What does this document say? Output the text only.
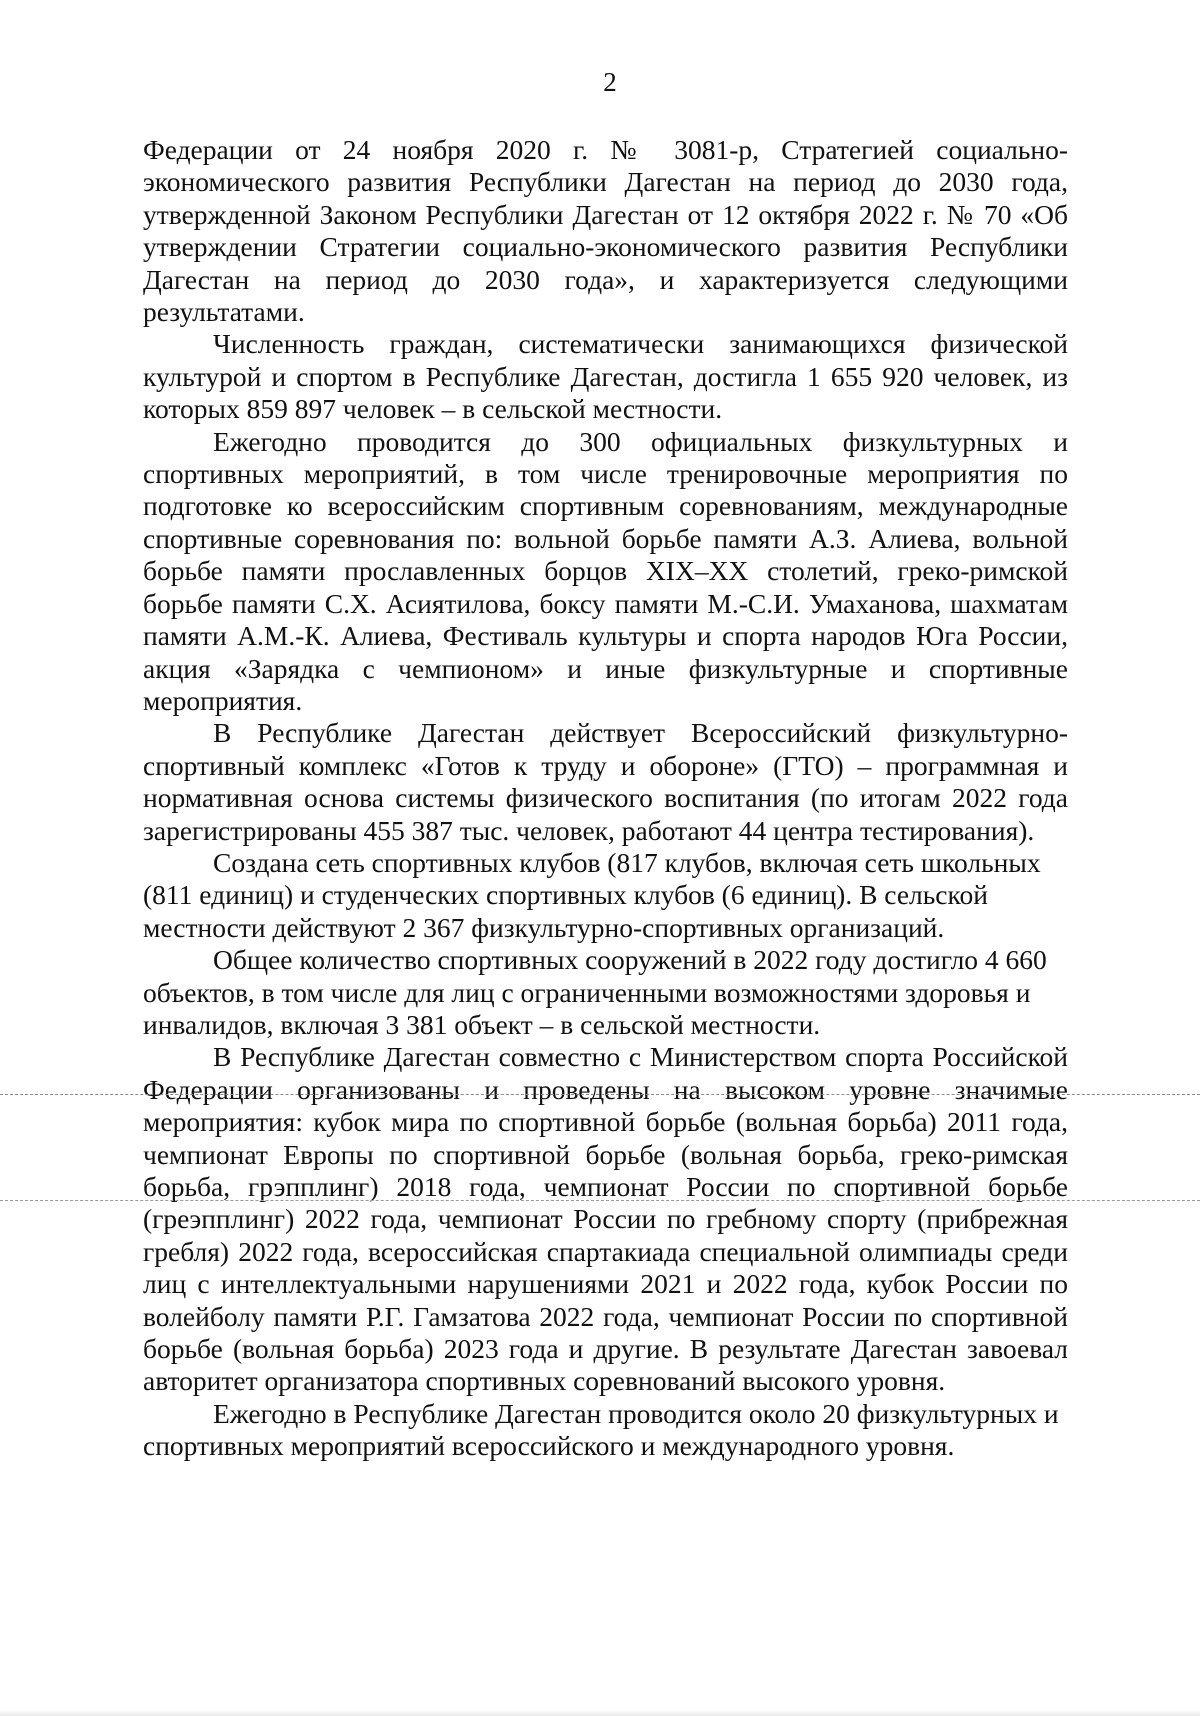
2

Федерации от 24 ноября 2020 г. № 3081-р, Стратегией социально-экономического развития Республики Дагестан на период до 2030 года, утвержденной Законом Республики Дагестан от 12 октября 2022 г. № 70 «Об утверждении Стратегии социально-экономического развития Республики Дагестан на период до 2030 года», и характеризуется следующими результатами.

Численность граждан, систематически занимающихся физической культурой и спортом в Республике Дагестан, достигла 1 655 920 человек, из которых 859 897 человек – в сельской местности.

Ежегодно проводится до 300 официальных физкультурных и спортивных мероприятий, в том числе тренировочные мероприятия по подготовке ко всероссийским спортивным соревнованиям, международные спортивные соревнования по: вольной борьбе памяти А.З. Алиева, вольной борьбе памяти прославленных борцов XIX–XX столетий, греко-римской борьбе памяти С.Х. Асиятилова, боксу памяти М.-С.И. Умаханова, шахматам памяти А.М.-К. Алиева, Фестиваль культуры и спорта народов Юга России, акция «Зарядка с чемпионом» и иные физкультурные и спортивные мероприятия.

В Республике Дагестан действует Всероссийский физкультурно-спортивный комплекс «Готов к труду и обороне» (ГТО) – программная и нормативная основа системы физического воспитания (по итогам 2022 года зарегистрированы 455 387 тыс. человек, работают 44 центра тестирования).

Создана сеть спортивных клубов (817 клубов, включая сеть школьных (811 единиц) и студенческих спортивных клубов (6 единиц). В сельской местности действуют 2 367 физкультурно-спортивных организаций.

Общее количество спортивных сооружений в 2022 году достигло 4 660 объектов, в том числе для лиц с ограниченными возможностями здоровья и инвалидов, включая 3 381 объект – в сельской местности.

В Республике Дагестан совместно с Министерством спорта Российской Федерации организованы и проведены на высоком уровне значимые мероприятия: кубок мира по спортивной борьбе (вольная борьба) 2011 года, чемпионат Европы по спортивной борьбе (вольная борьба, греко-римская борьба, грэпплинг) 2018 года, чемпионат России по спортивной борьбе (греэпплинг) 2022 года, чемпионат России по гребному спорту (прибрежная гребля) 2022 года, всероссийская спартакиада специальной олимпиады среди лиц с интеллектуальными нарушениями 2021 и 2022 года, кубок России по волейболу памяти Р.Г. Гамзатова 2022 года, чемпионат России по спортивной борьбе (вольная борьба) 2023 года и другие. В результате Дагестан завоевал авторитет организатора спортивных соревнований высокого уровня.

Ежегодно в Республике Дагестан проводится около 20 физкультурных и спортивных мероприятий всероссийского и международного уровня.
